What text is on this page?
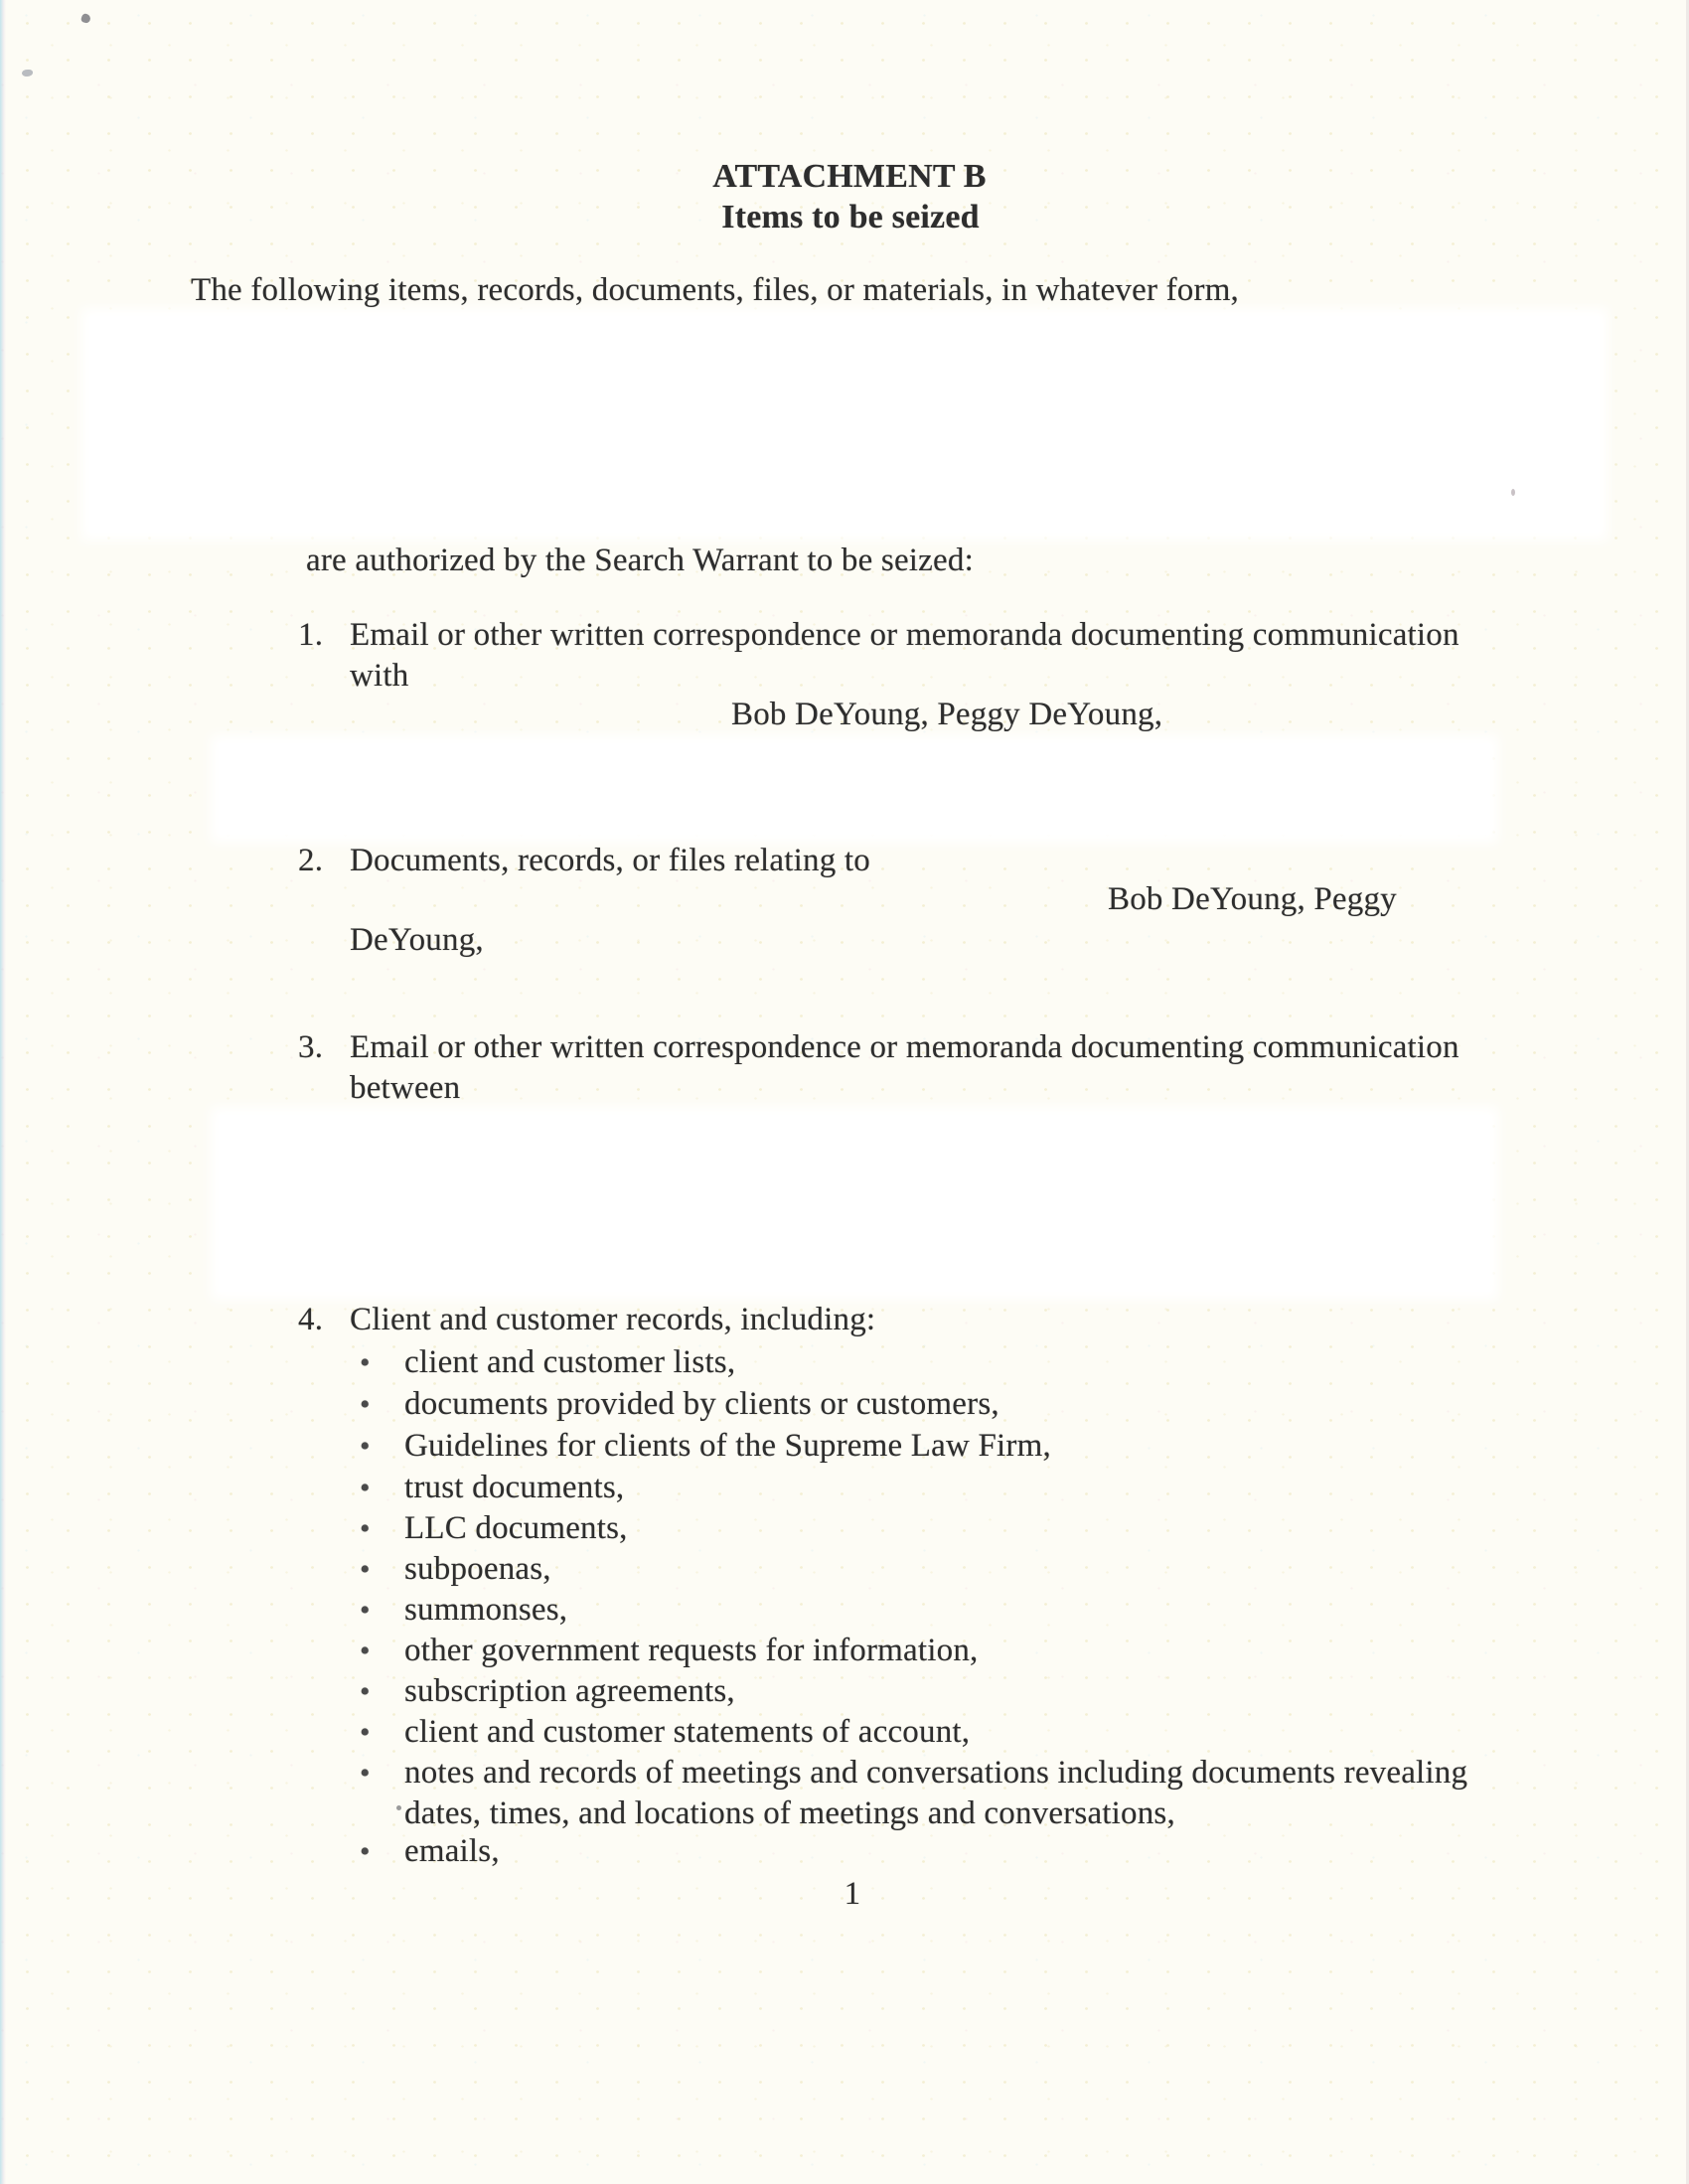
ATTACHMENT B
Items to be seized
The following items, records, documents, files, or materials, in whatever form,
are authorized by the Search Warrant to be seized:
1. Email or other written correspondence or memoranda documenting communication
with
Bob DeYoung, Peggy DeYoung,
2. Documents, records, or files relating to
Bob DeYoung, Peggy
DeYoung,
3. Email or other written correspondence or memoranda documenting communication
between
4. Client and customer records, including:
• client and customer lists,
• documents provided by clients or customers,
• Guidelines for clients of the Supreme Law Firm,
• trust documents,
• LLC documents,
• subpoenas,
• summonses,
• other government requests for information,
• subscription agreements,
• client and customer statements of account,
• notes and records of meetings and conversations including documents revealing
dates, times, and locations of meetings and conversations,
• emails,
1
